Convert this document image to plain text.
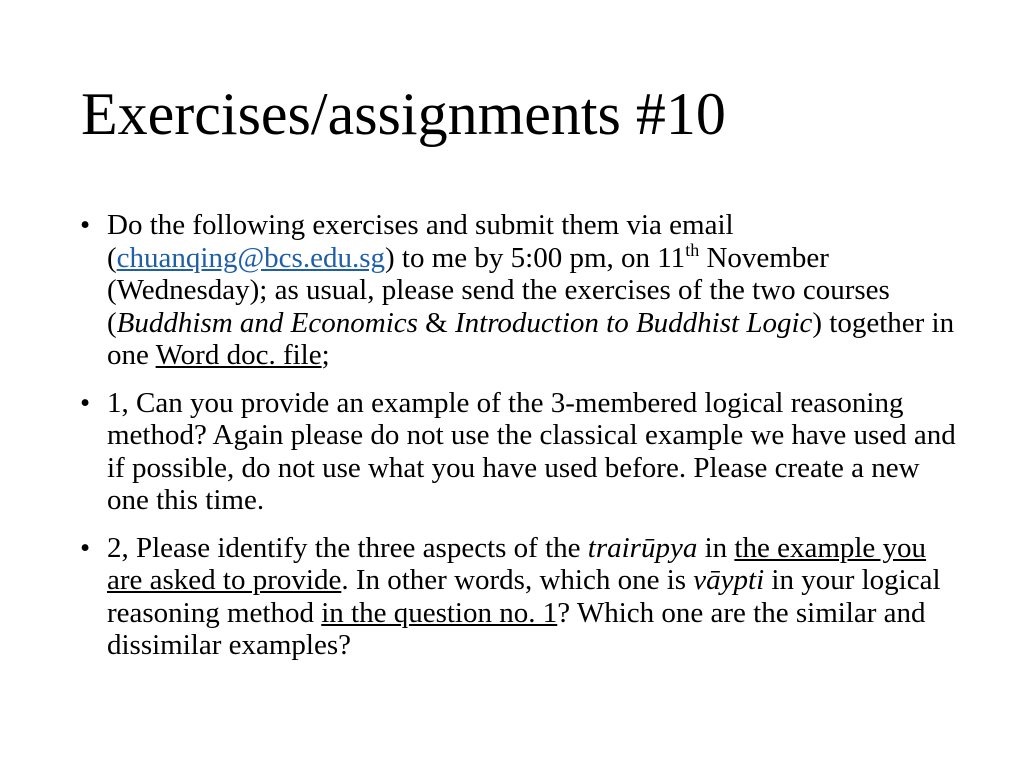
Exercises/assignments #10
• Do the following exercises and submit them via email (chuanqing@bcs.edu.sg) to me by 5:00 pm, on 11th November (Wednesday); as usual, please send the exercises of the two courses (Buddhism and Economics & Introduction to Buddhist Logic) together in one Word doc. file;
• 1, Can you provide an example of the 3-membered logical reasoning method? Again please do not use the classical example we have used and if possible, do not use what you have used before. Please create a new one this time.
• 2, Please identify the three aspects of the trairūpya in the example you are asked to provide. In other words, which one is vāypti in your logical reasoning method in the question no. 1? Which one are the similar and dissimilar examples?
